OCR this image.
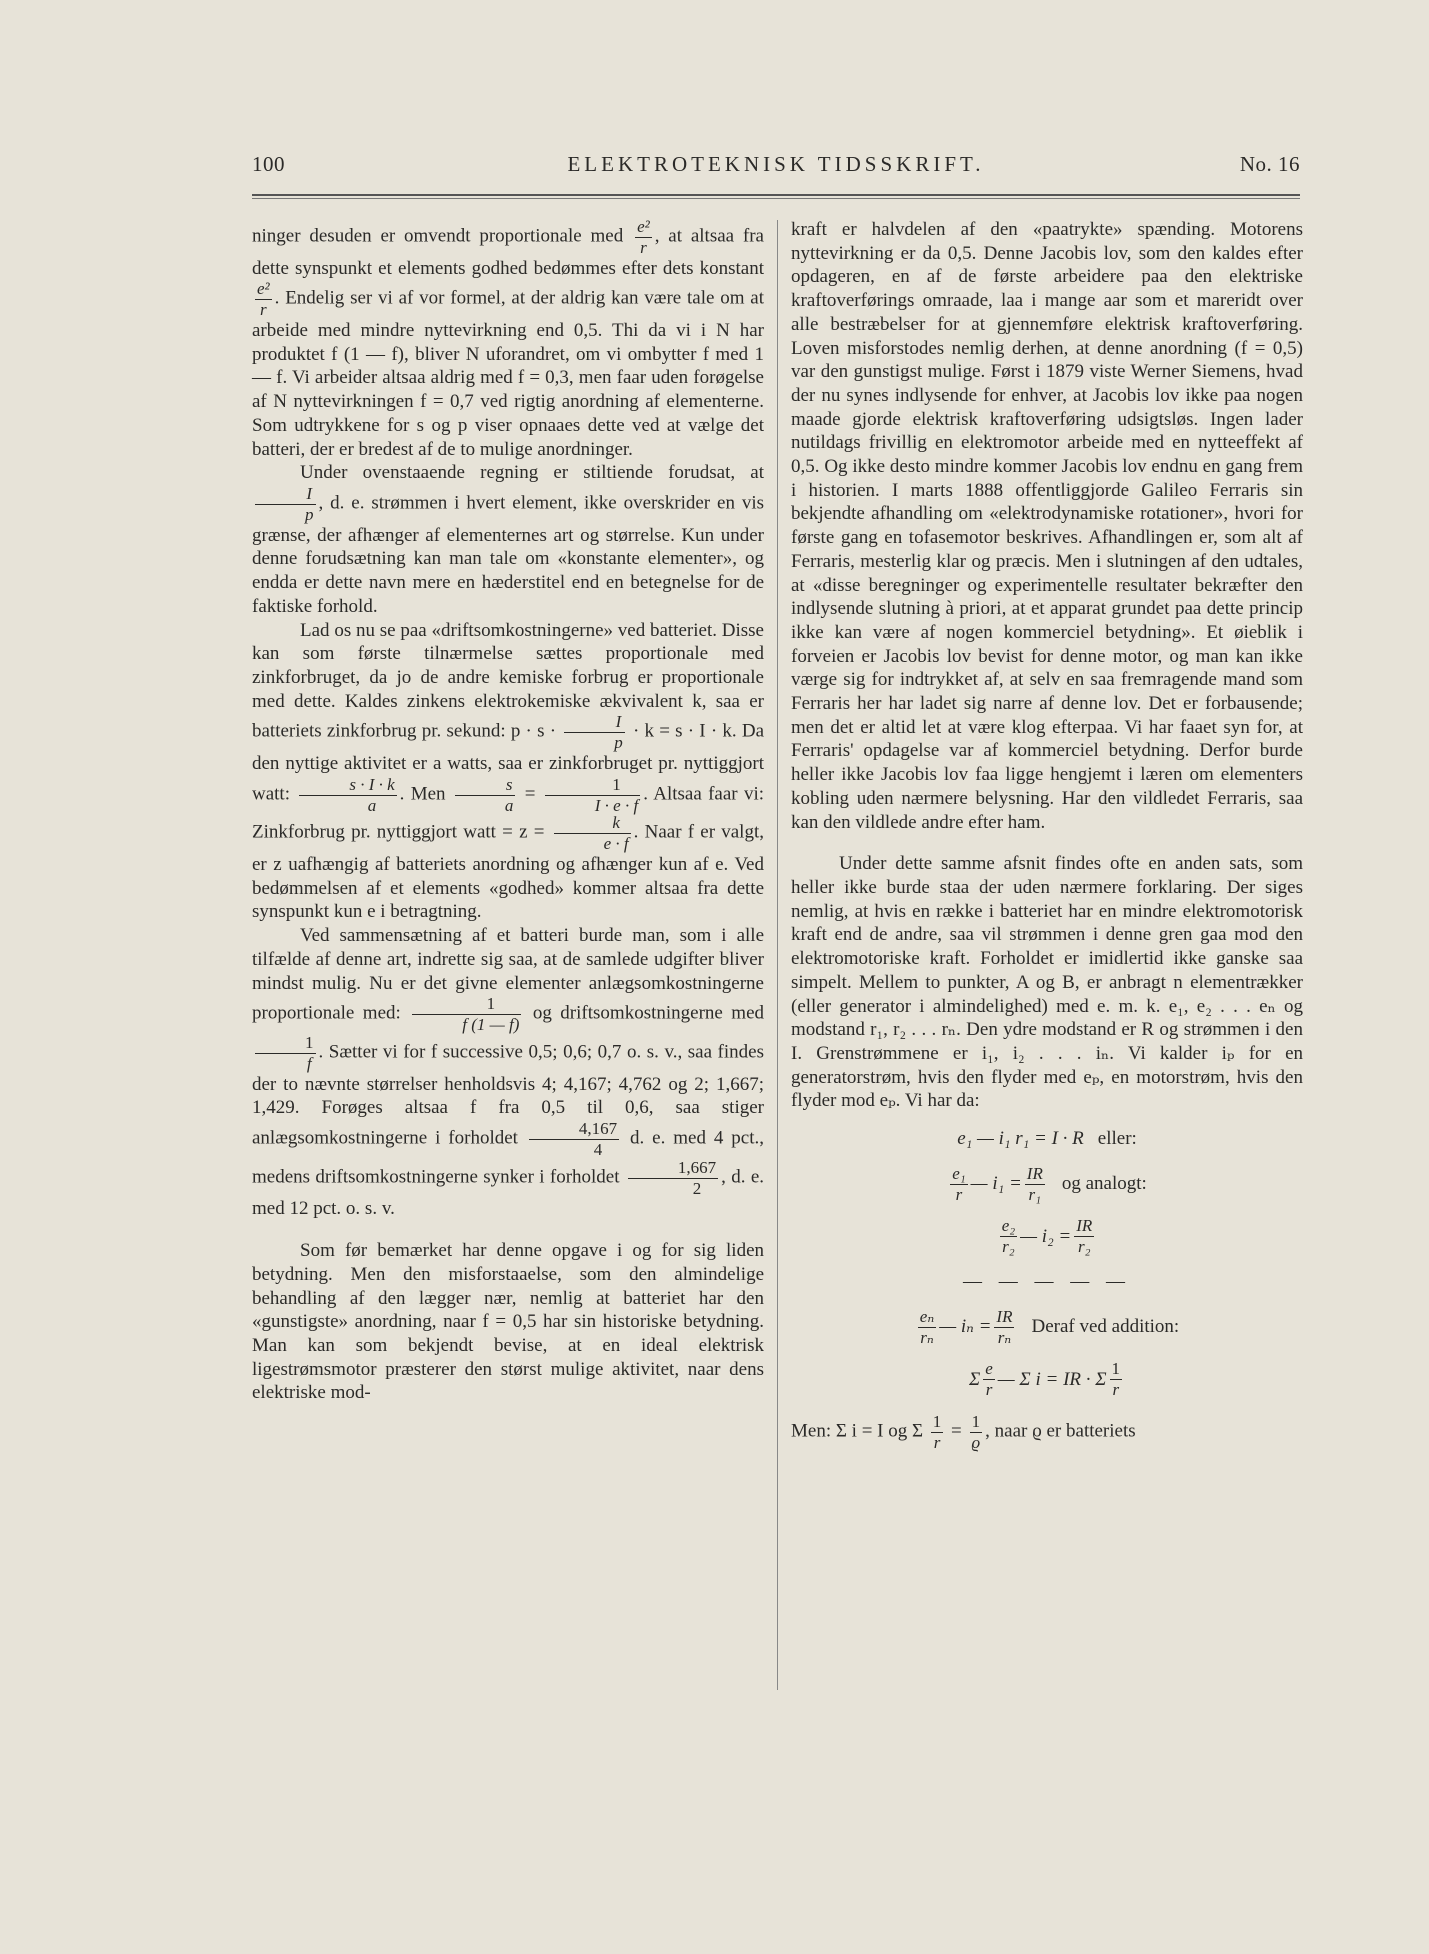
100	ELEKTROTEKNISK TIDSSKRIFT.	No. 16

ninger desuden er omvendt proportionale med $\frac{\text{e²}}{r}$ , at altsaa fra dette synspunkt et elements godhed bedømmes efter dets konstant
$\frac{\text{e²}}{r}$ . Endelig ser vi af vor formel, at der aldrig kan være tale om at arbeide med mindre nyttevirkning end 0,5. Thi da vi i N har produktet f (1 — f), bliver N uforandret, om vi ombytter f med 1 — f. Vi arbeider altsaa aldrig med f = 0,3, men faar uden forøgelse af N nyttevirkningen f = 0,7 ved rigtig anordning af elementerne. Som udtrykkene for s og p viser opnaaes dette ved at vælge det batteri, der er bredest af de to mulige anordninger.

Under ovenstaaende regning er stiltiende forudsat, at
$\frac{I}{p}$ , d. e. strømmen i hvert element, ikke overskrider en vis grænse, der afhænger af elementernes art og størrelse. Kun under denne forudsætning kan man tale om «konstante elementer», og endda er dette navn mere en hæderstitel end en betegnelse for de faktiske forhold.

Lad os nu se paa «driftsomkostningerne» ved batteriet. Disse kan som første tilnærmelse sættes proportionale med zinkforbruget, da jo de andre kemiske forbrug er proportionale med dette. Kaldes zinkens elektrokemiske ækvivalent k, saa er batteriets zinkforbrug pr. sekund: $p \cdot s \cdot \frac{I}{p} \cdot k = s \cdot I \cdot k$. Da den nyttige aktivitet er a watts, saa er zinkforbruget pr. nyttiggjort watt: $\frac{s \cdot I \cdot k}{a}$ . Men $\frac{s}{a} = \frac{1}{I \cdot e \cdot f}$ . Altsaa faar vi: Zinkforbrug pr. nyttiggjort watt = $z = \frac{k}{e \cdot f}$ . Naar f er valgt, er z uafhængig af batteriets anordning og afhænger kun af e. Ved bedømmelsen af et elements «godhed» kommer altsaa fra dette synspunkt kun e i betragtning.

Ved sammensætning af et batteri burde man, som i alle tilfælde af denne art, indrette sig saa, at de samlede udgifter bliver mindst mulig. Nu er det givne elementer anlægsomkostningerne proportionale med: $\frac{1}{f (1 — f)}$ og driftsomkostningerne med
$\frac{1}{f}$ . Sætter vi for f successive 0,5; 0,6; 0,7 o. s. v., saa findes der to nævnte størrelser henholdsvis 4; 4,167; 4,762 og 2; 1,667; 1,429. Forøges altsaa f fra 0,5 til 0,6, saa stiger anlægsomkostningerne i forholdet $\frac{4,167}{4} d$. e. med 4 pct., medens driftsomkostningerne synker i forholdet $\frac{1,667}{2}$ , d. e. med 12 pct. o. s. v.

Som før bemærket har denne opgave i og for sig liden betydning. Men den misforstaaelse, som den almindelige behandling af den lægger nær, nemlig at batteriet har den «gunstigste» anordning, naar f = 0,5 har sin historiske betydning. Man kan som bekjendt bevise, at en ideal elektrisk ligestrømsmotor præsterer den størst mulige aktivitet, naar dens elektriske mod-

kraft er halvdelen af den «paatrykte» spænding. Motorens nyttevirkning er da 0,5. Denne Jacobis lov, som den kaldes efter opdageren, en af de første arbeidere paa den elektriske kraftoverførings omraade, laa i mange aar som et mareridt over alle bestræbelser for at gjennemføre elektrisk kraftoverføring. Loven misforstodes nemlig derhen, at denne anordning (f = 0,5) var den gunstigst mulige. Først i 1879 viste Werner Siemens, hvad der nu synes indlysende for enhver, at Jacobis lov ikke paa nogen maade gjorde elektrisk kraftoverføring udsigtsløs. Ingen lader nutildags frivillig en elektromotor arbeide med en nytteeffekt af 0,5. Og ikke desto mindre kommer Jacobis lov endnu en gang frem i historien. I marts 1888 offentliggjorde Galileo Ferraris sin bekjendte afhandling om «elektrodynamiske rotationer», hvori for første gang en tofasemotor beskrives. Afhandlingen er, som alt af Ferraris, mesterlig klar og præcis. Men i slutningen af den udtales, at «disse beregninger og experimentelle resultater bekræfter den indlysende slutning à priori, at et apparat grundet paa dette princip ikke kan være af nogen kommerciel betydning». Et øieblik i forveien er Jacobis lov bevist for denne motor, og man kan ikke værge sig for indtrykket af, at selv en saa fremragende mand som Ferraris her har ladet sig narre af denne lov. Det er forbausende; men det er altid let at være klog efterpaa. Vi har faaet syn for, at Ferraris' opdagelse var af kommerciel betydning. Derfor burde heller ikke Jacobis lov faa ligge hengjemt i læren om elementers kobling uden nærmere belysning. Har den vildledet Ferraris, saa kan den vildlede andre efter ham.

Under dette samme afsnit findes ofte en anden sats, som heller ikke burde staa der uden nærmere forklaring. Der siges nemlig, at hvis en række i batteriet har en mindre elektromotorisk kraft end de andre, saa vil strømmen i denne gren gaa mod den elektromotoriske kraft. Forholdet er imidlertid ikke ganske saa simpelt. Mellem to punkter, A og B, er anbragt n elementrækker (eller generator i almindelighed) med e. m. k. e₁, e₂ . . . eₙ og modstand r₁, r₂ . . . rₙ. Den ydre modstand er R og strømmen i den I. Grenstrømmene er i₁, i₂ . . . iₙ. Vi kalder iₚ for en generatorstrøm, hvis den flyder med eₚ, en motorstrøm, hvis den flyder mod eₚ. Vi har da:

e₁ — i₁ r₁ = I · R eller:
$\frac{\text{e₁}}{r}$ — $i_1 = \frac{IR}{\text{r₁}}$ og analogt:
$\frac{\text{e₂}}{\text{r₂}}$ — $i_2 = \frac{IR}{\text{r₂}}$
— — — — —
$\frac{\text{eₙ}}{\text{rₙ}}$ — $i_n = \frac{IR}{\text{rₙ}}$ Deraf ved addition:
Σ $\frac{e}{r}$ — Σ i = IR · Σ $\frac{1}{r}$

Men: Σ i = I og Σ $\frac{1}{r} = \frac{1}{ϱ}$ , naar ϱ er batteriets
